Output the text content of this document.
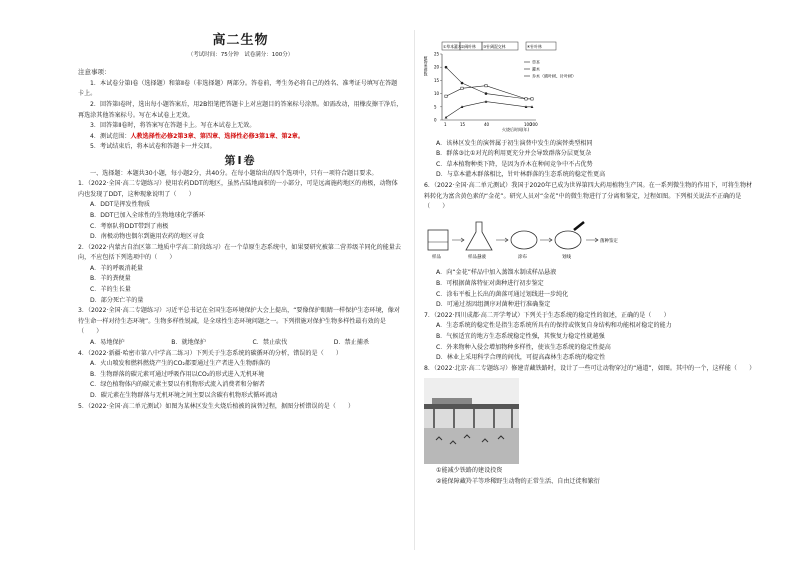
高二生物
（考试时间：75分钟　试卷满分：100分）
注意事项：

1．本试卷分第Ⅰ卷（选择题）和第Ⅱ卷（非选择题）两部分。答卷前，考生务必将自己的姓名、准考证号填写在答题卡上。

2．回答第Ⅰ卷时，选出每小题答案后，用2B铅笔把答题卡上对应题目的答案标号涂黑。如需改动，用橡皮擦干净后，再选涂其他答案标号。写在本试卷上无效。

3．回答第Ⅱ卷时，将答案写在答题卡上。写在本试卷上无效。

4．测试范围：人教选择性必修2第3章、第四章、选择性必修3第1章、第2章。

5．考试结束后，将本试卷和答题卡一并交回。

第Ⅰ卷

一、选择题：本题共30小题，每小题2分，共40分。在每小题给出的四个选项中，只有一项符合题目要求。

1．（2022·全国·高二专题练习）使用农药DDT的地区，虽然占陆地面积的一小部分，可是远离施药地区的南极，动物体内也发现了DDT，这种现象说明了（　　）

A．DDT是挥发性物质
B．DDT已加入全球性的生物地球化学循环
C．考察队将DDT带到了南极
D．南极动物也偶尔到施用农药的地区寻食

2．（2022·内蒙古自治区第二地质中学高二阶段练习）在一个草原生态系统中，如果要研究被第二营养级羊同化的能量去向，不应包括下列选项中的（　　）

A．羊的呼吸消耗量
B．羊的粪便量
C．羊的生长量
D．部分死亡羊的量

3．（2022·全国·高二专题练习）习近平总书记在全国生态环境保护大会上提出，“要像保护眼睛一样保护生态环境，像对待生命一样对待生态环境”。生物多样性锐减，是全球性生态环境问题之一。下列措施对保护生物多样性最有效的是（　　）

A．易地保护	B．就地保护	C．禁止砍伐	D．禁止捕杀

4．（2022·新疆·哈密市第八中学高二练习）下列关于生态系统的碳循环的分析，错误的是（　　）

A．火山喷发和燃料燃烧产生的CO₂都要通过生产者进入生物群落的

B．生物群落的碳元素可通过呼吸作用以CO₂的形式进入无机环境

C．绿色植物体内的碳元素主要以有机物形式流入消费者和分解者

D．碳元素在生物群落与无机环境之间主要以含碳有机物形式循环流动

5．（2022·全国·高二单元测试）如图为某林区发生火烧后植被的演替过程，据图分析错误的是（　　）

①草本灌木 ②阔叶林 ③针阔混交林	④针叶林
0
5
10
15
20
25
1	15	40	100
200
植物类群数
火烧后时间(年)
草本
灌木
乔木（阔叶树、针叶树）

A．该林区发生的演替属于初生演替中发生的演替类型相同

B．群落③比①对光的利用更充分并会导致群落分层更复杂

C．草本植物种类下降，是因为乔木在种间竞争中不占优势

D．与草本灌木群落相比，针叶林群落的生态系统的稳定性更高

6．（2022·全国·高二单元测试）我国于2020年已成为世界第四大药用植物生产国。在一系列微生物的作用下，可将生物材料转化为富含黄色素的“金花”。研究人员对“金花”中的微生物进行了分离和鉴定，过程如图。下列相关说法不正确的是（　　）

样品	样品悬液	涂布	划线
菌种鉴定

A．向“金花”样品中加入蒸馏水制成样品悬液

B．可根据菌落特征对菌种进行初步鉴定

C．涂布平板上长出的菌落可通过划线进一步纯化

D．可通过基因组测序对菌种进行准确鉴定

7．（2022·四川成都·高二开学考试）下列关于生态系统的稳定性的叙述，正确的是（　　）

A．生态系统的稳定性是指生态系统所具有的保持或恢复自身结构和功能相对稳定的能力

B．气候适宜的地方生态系统稳定性强，其恢复力稳定性就越强

C．外来物种入侵会增加物种多样性，使该生态系统的稳定性提高

D．林业上采用科学合理的间伐，可提高森林生态系统的稳定性

8．（2022·北京·高二专题练习）修建青藏铁路时，设计了一些可让动物穿过的“通道”，如图。其中的一个，这样能（　　）

①能减少铁路的建设投资

②能保障藏羚羊等珍稀野生动物的正常生活、自由迁徙和繁衍
